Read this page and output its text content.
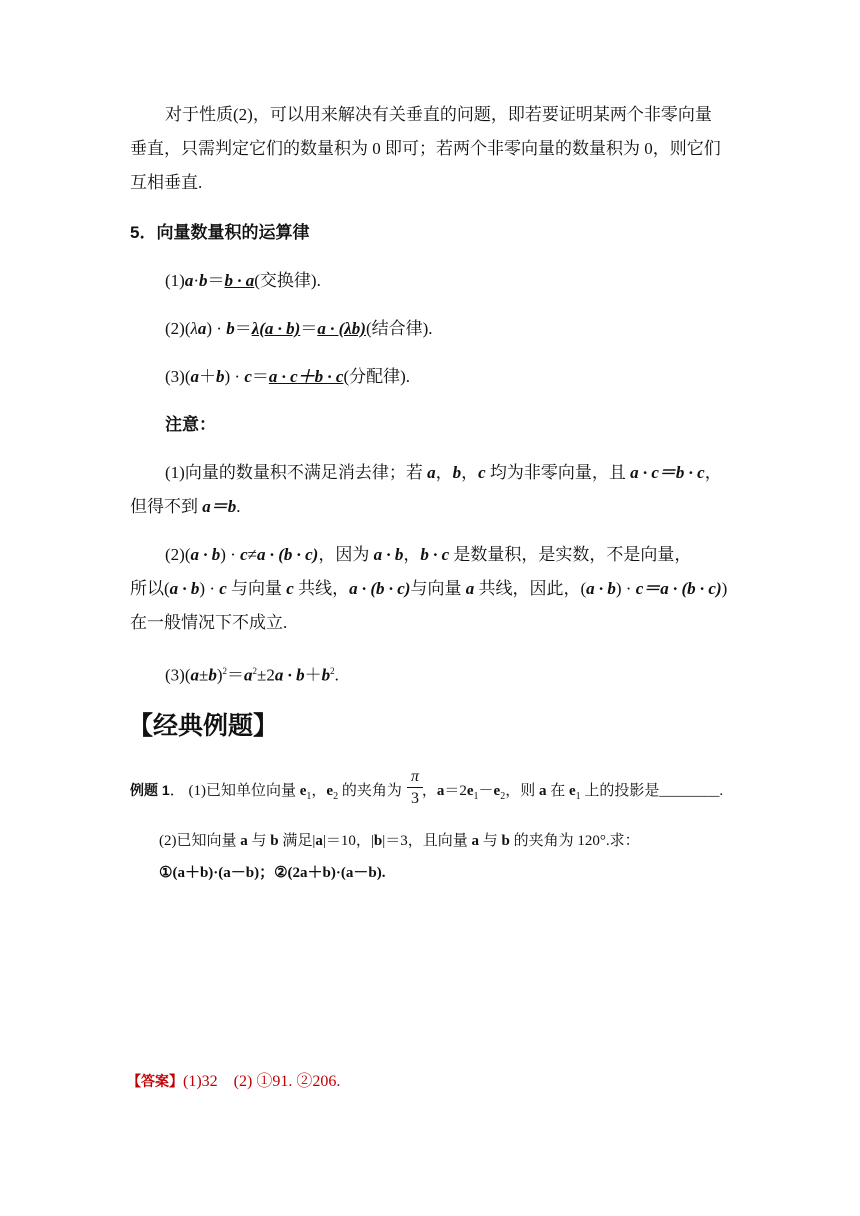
对于性质(2)，可以用来解决有关垂直的问题，即若要证明某两个非零向量
垂直，只需判定它们的数量积为 0 即可；若两个非零向量的数量积为 0，则它们
互相垂直.
5．向量数量积的运算律
(1)a·b＝b · a(交换律).
(2)(λa) · b＝λ(a · b)＝a · (λb)(结合律).
(3)(a＋b) · c＝a · c＋b · c(分配律).
注意：
(1)向量的数量积不满足消去律；若 a，b，c 均为非零向量，且 a · c＝b · c，
但得不到 a＝b.
(2)(a · b) · c≠a · (b · c)，因为 a · b，b · c 是数量积，是实数，不是向量，
所以(a · b) · c 与向量 c 共线，a · (b · c)与向量 a 共线，因此，(a · b) · c＝a · (b · c))
在一般情况下不成立.
$(3)(a\pm b)^2=a^2\pm 2a \cdot b+b^2$.
【经典例题】
例题 1． (1)已知单位向量 $e_1$，$e_2$ 的夹角为 ，$a=2e_1-e_2$，则 a 在 $e_1$ 上的投影是________.
π
3
(2)已知向量 a 与 b 满足|a|＝10，|b|＝3，且向量 a 与 b 的夹角为 120°.求：
①(a＋b)·(a－b)；②(2a＋b)·(a－b).
【答案】(1)32　(2) ①91. ②206.
